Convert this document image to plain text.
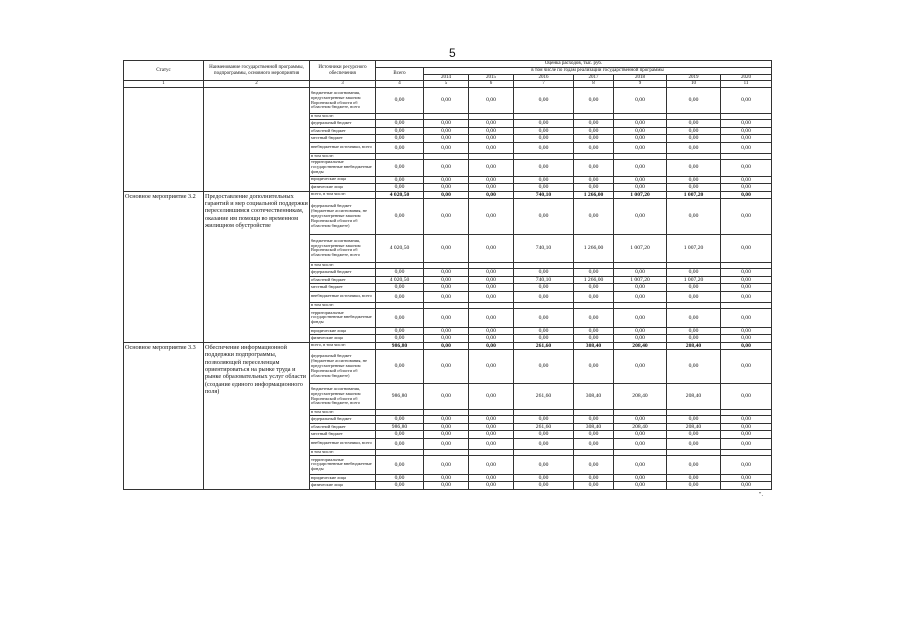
5
Статус	Наименование государственной программы, подпрограммы, основного мероприятия	Источники ресурсного обеспечения	Оценка расходов, тыс. руб.							
			Всего	в том числе по годам реализации государственной программы						
				2014	2015	2016	2017	2018	2019	2020
1	2	3	4	5	6	7	8	9	10	11
		бюджетные ассигнования, предусмотренные законом Воронежской области об областном бюджете, всего	0,00	0,00	0,00	0,00	0,00	0,00	0,00	0,00
		в том числе:								
		федеральный бюджет	0,00	0,00	0,00	0,00	0,00	0,00	0,00	0,00
		областной бюджет	0,00	0,00	0,00	0,00	0,00	0,00	0,00	0,00
		местный бюджет	0,00	0,00	0,00	0,00	0,00	0,00	0,00	0,00
		внебюджетные источники, всего	0,00	0,00	0,00	0,00	0,00	0,00	0,00	0,00
		в том числе:								
		территориальные государственные внебюджетные фонды	0,00	0,00	0,00	0,00	0,00	0,00	0,00	0,00
		юридические лица	0,00	0,00	0,00	0,00	0,00	0,00	0,00	0,00
		физические лица	0,00	0,00	0,00	0,00	0,00	0,00	0,00	0,00
Основное мероприятие 3.2	Предоставление дополнительных гарантий и мер социальной поддержки переселившимся соотечественникам, оказание им помощи во временном жилищном обустройстве	всего, в том числе:	4 020,50	0,00	0,00	740,10	1 266,00	1 007,20	1 007,20	0,00
		федеральный бюджет (бюджетные ассигнования, не предусмотренные законом Воронежской области об областном бюджете)	0,00	0,00	0,00	0,00	0,00	0,00	0,00	0,00
		бюджетные ассигнования, предусмотренные законом Воронежской области об областном бюджете, всего	4 020,50	0,00	0,00	740,10	1 266,00	1 007,20	1 007,20	0,00
		в том числе:								
		федеральный бюджет	0,00	0,00	0,00	0,00	0,00	0,00	0,00	0,00
		областной бюджет	4 020,50	0,00	0,00	740,10	1 266,00	1 007,20	1 007,20	0,00
		местный бюджет	0,00	0,00	0,00	0,00	0,00	0,00	0,00	0,00
		внебюджетные источники, всего	0,00	0,00	0,00	0,00	0,00	0,00	0,00	0,00
		в том числе:								
		территориальные государственные внебюджетные фонды	0,00	0,00	0,00	0,00	0,00	0,00	0,00	0,00
		юридические лица	0,00	0,00	0,00	0,00	0,00	0,00	0,00	0,00
		физические лица	0,00	0,00	0,00	0,00	0,00	0,00	0,00	0,00
Основное мероприятие 3.3	Обеспечение информационной поддержки подпрограммы, позволяющей переселенцам ориентироваться на рынке труда и рынке образовательных услуг области (создание единого информационного поля)	всего, в том числе:	986,80	0,00	0,00	261,60	308,40	208,40	208,40	0,00
		федеральный бюджет (бюджетные ассигнования, не предусмотренные законом Воронежской области об областном бюджете)	0,00	0,00	0,00	0,00	0,00	0,00	0,00	0,00
		бюджетные ассигнования, предусмотренные законом Воронежской области об областном бюджете, всего	986,80	0,00	0,00	261,60	308,40	208,40	208,40	0,00
		в том числе:								
		федеральный бюджет	0,00	0,00	0,00	0,00	0,00	0,00	0,00	0,00
		областной бюджет	986,80	0,00	0,00	261,60	308,40	208,40	208,40	0,00
		местный бюджет	0,00	0,00	0,00	0,00	0,00	0,00	0,00	0,00
		внебюджетные источники, всего	0,00	0,00	0,00	0,00	0,00	0,00	0,00	0,00
		в том числе:								
		территориальные государственные внебюджетные фонды	0,00	0,00	0,00	0,00	0,00	0,00	0,00	0,00
		юридические лица	0,00	0,00	0,00	0,00	0,00	0,00	0,00	0,00
		физические лица	0,00	0,00	0,00	0,00	0,00	0,00	0,00	0,00
".
